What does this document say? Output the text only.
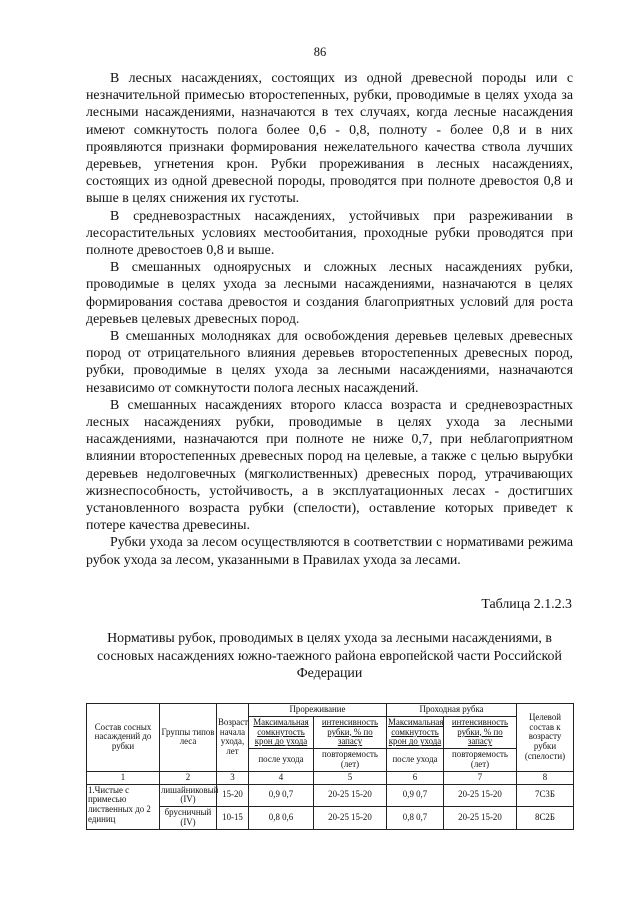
86

В лесных насаждениях, состоящих из одной древесной породы или с незначительной примесью второстепенных, рубки, проводимые в целях ухода за лесными насаждениями, назначаются в тех случаях, когда лесные насаждения имеют сомкнутость полога более 0,6 - 0,8, полноту - более 0,8 и в них проявляются признаки формирования нежелательного качества ствола лучших деревьев, угнетения крон. Рубки прореживания в лесных насаждениях, состоящих из одной древесной породы, проводятся при полноте древостоя 0,8 и выше в целях снижения их густоты.

В средневозрастных насаждениях, устойчивых при разреживании в лесорастительных условиях местообитания, проходные рубки проводятся при полноте древостоев 0,8 и выше.

В смешанных одноярусных и сложных лесных насаждениях рубки, проводимые в целях ухода за лесными насаждениями, назначаются в целях формирования состава древостоя и создания благоприятных условий для роста деревьев целевых древесных пород.

В смешанных молодняках для освобождения деревьев целевых древесных пород от отрицательного влияния деревьев второстепенных древесных пород, рубки, проводимые в целях ухода за лесными насаждениями, назначаются независимо от сомкнутости полога лесных насаждений.

В смешанных насаждениях второго класса возраста и средневозрастных лесных насаждениях рубки, проводимые в целях ухода за лесными насаждениями, назначаются при полноте не ниже 0,7, при неблагоприятном влиянии второстепенных древесных пород на целевые, а также с целью вырубки деревьев недолговечных (мягколиственных) древесных пород, утрачивающих жизнеспособность, устойчивость, а в эксплуатационных лесах - достигших установленного возраста рубки (спелости), оставление которых приведет к потере качества древесины.

Рубки ухода за лесом осуществляются в соответствии с нормативами режима рубок ухода за лесом, указанными в Правилах ухода за лесами.

Таблица 2.1.2.3
Нормативы рубок, проводимых в целях ухода за лесными насаждениями, в сосновых насаждениях южно-таежного района европейской части Российской Федерации
Состав сосных насаждений до рубки	Группы типов леса	Возраст начала ухода, лет	Прореживание		Проходная рубка		Целевой состав к возрасту рубки (спелости)
			Максимальная сомкнутость крон до ухода	интенсивность рубки, % по запасу	Максимальная сомкнутость крон до ухода	интенсивность рубки, % по запасу	
			после ухода	повторяемость (лет)	после ухода	повторяемость (лет)	
1	2	3	4	5	6	7	8
1.Чистые с примесью лиственных до 2 единиц	лишайниковый (IV)	15-20	0,9 0,7	20-25 15-20	0,9 0,7	20-25 15-20	7С3Б
	брусничный (IV)	10-15	0,8 0,6	20-25 15-20	0,8 0,7	20-25 15-20	8С2Б
